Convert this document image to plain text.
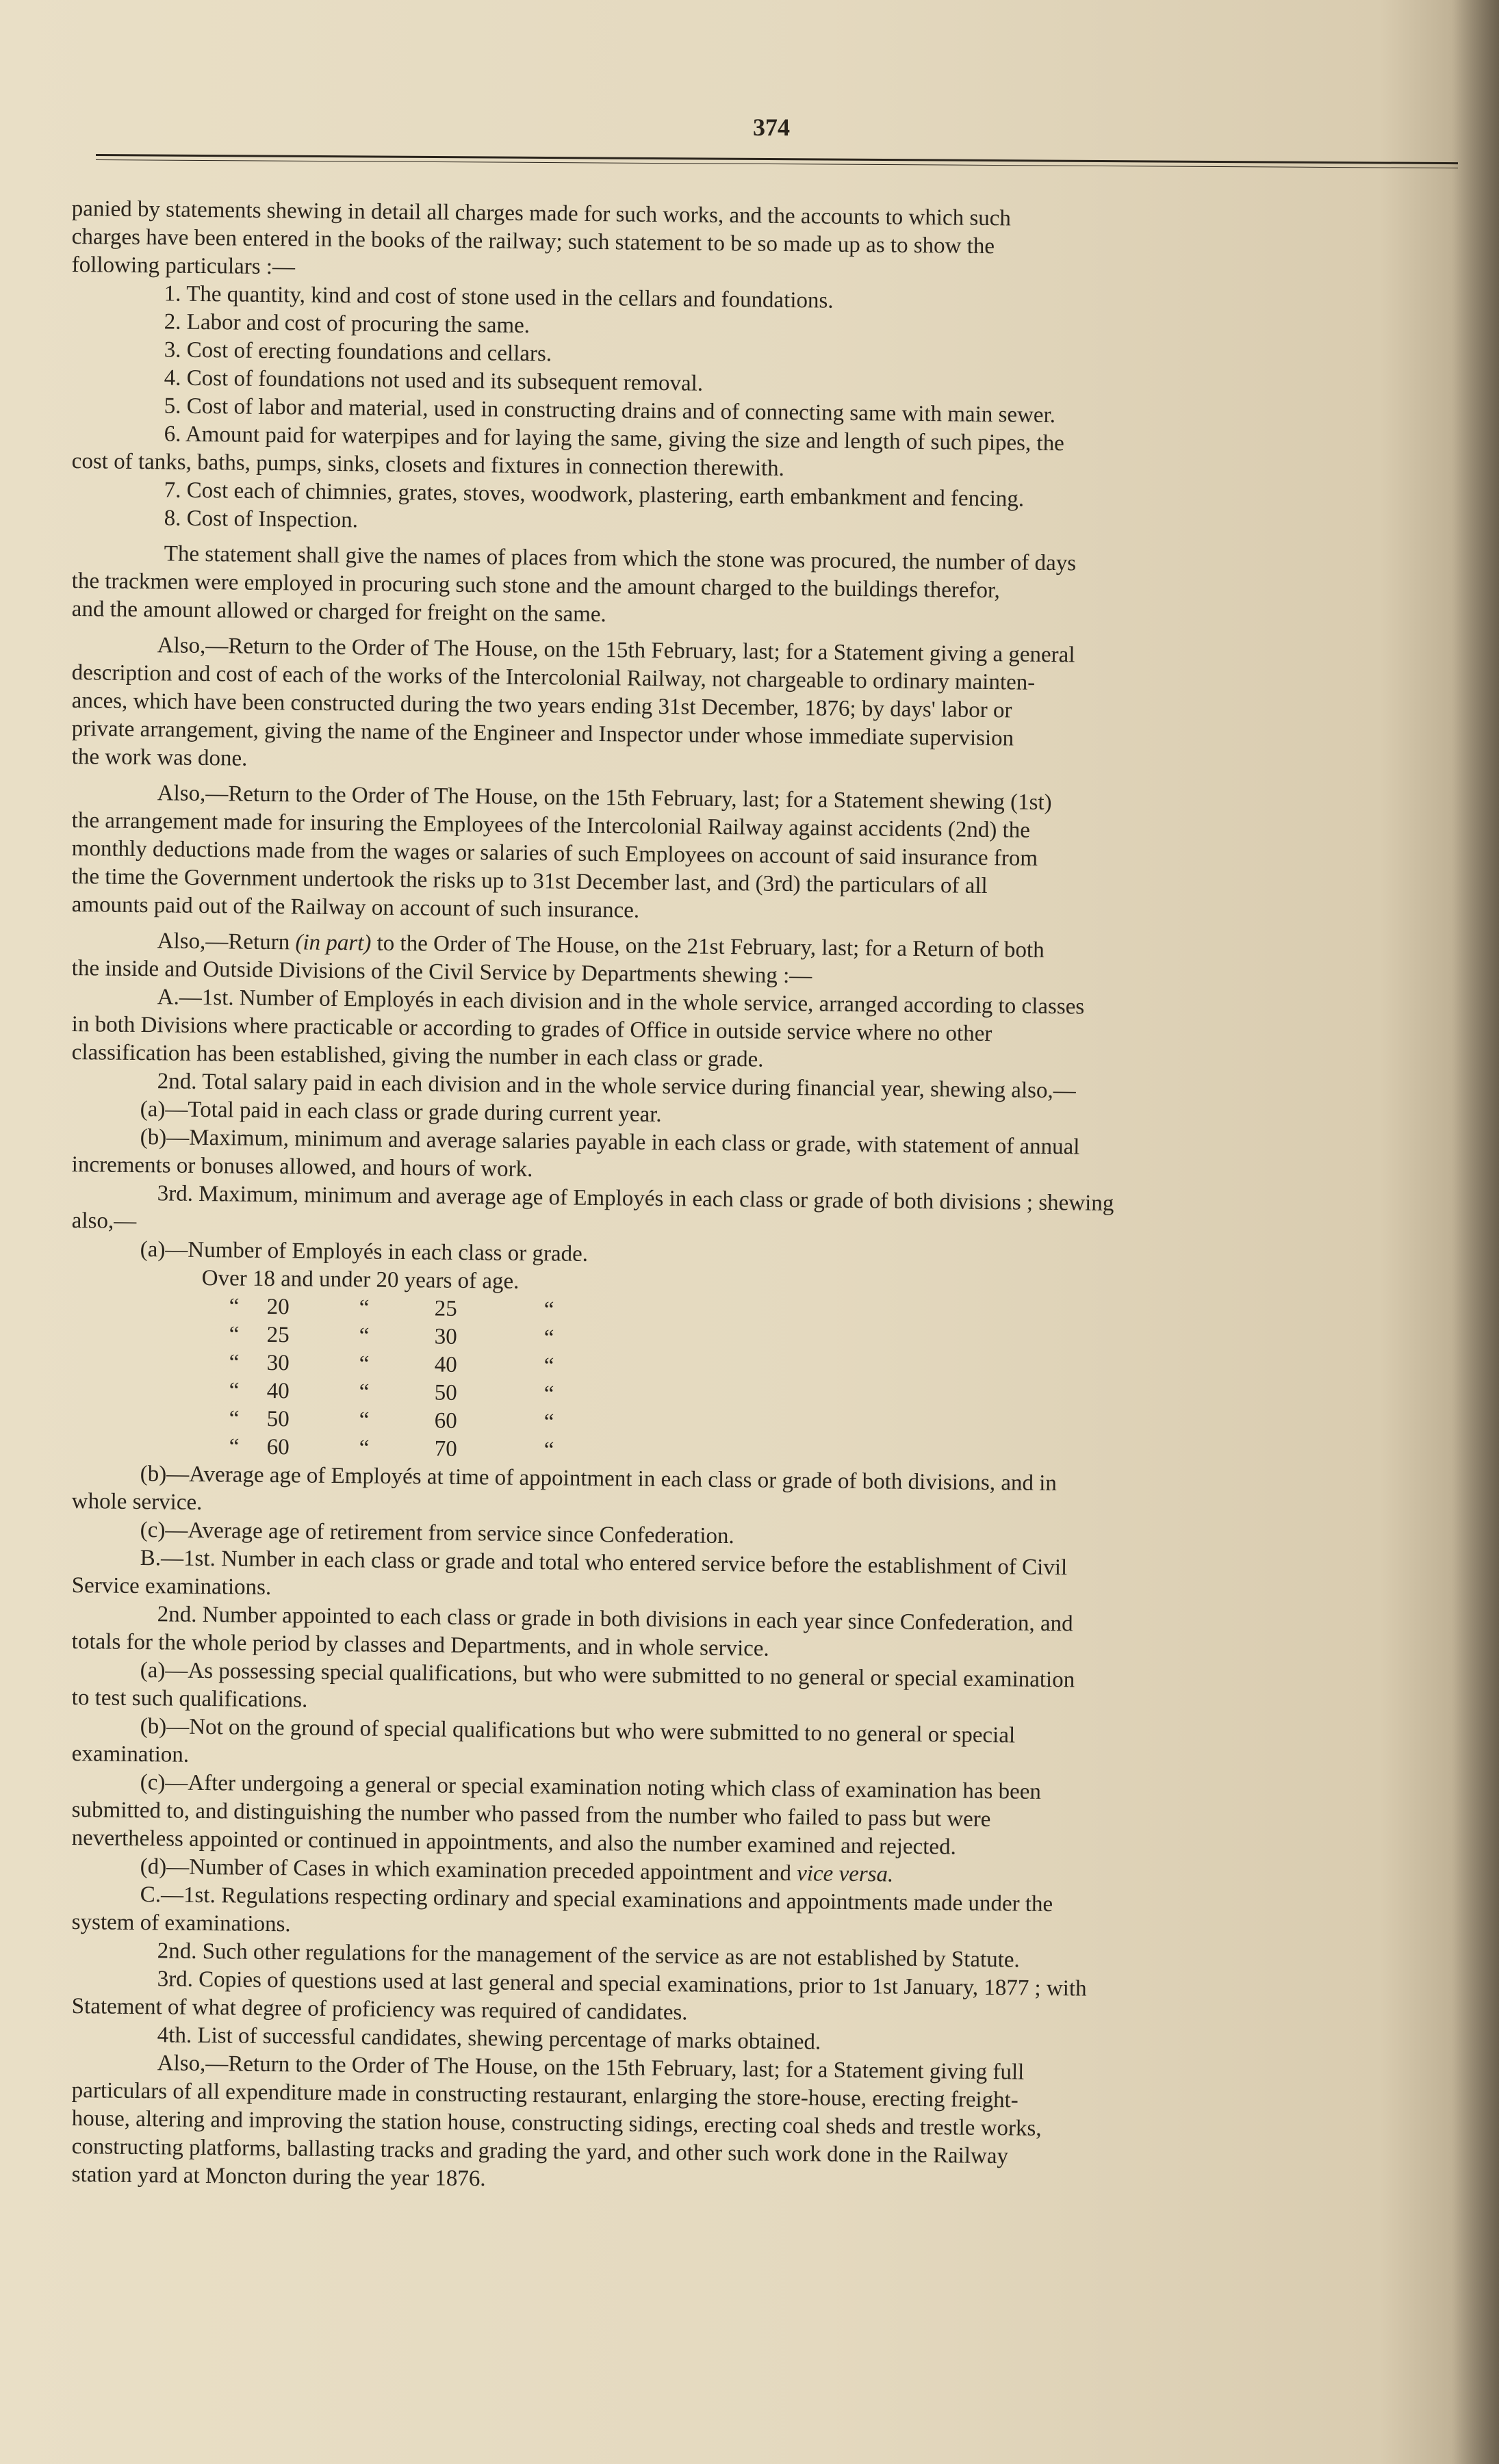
374

panied by statements shewing in detail all charges made for such works, and the accounts to which such

charges have been entered in the books of the railway; such statement to be so made up as to show the

following particulars :—

1. The quantity, kind and cost of stone used in the cellars and foundations.

2. Labor and cost of procuring the same.

3. Cost of erecting foundations and cellars.

4. Cost of foundations not used and its subsequent removal.

5. Cost of labor and material, used in constructing drains and of connecting same with main sewer.

6. Amount paid for waterpipes and for laying the same, giving the size and length of such pipes, the

cost of tanks, baths, pumps, sinks, closets and fixtures in connection therewith.

7. Cost each of chimnies, grates, stoves, woodwork, plastering, earth embankment and fencing.

8. Cost of Inspection.

The statement shall give the names of places from which the stone was procured, the number of days

the trackmen were employed in procuring such stone and the amount charged to the buildings therefor,

and the amount allowed or charged for freight on the same.

Also,—Return to the Order of The House, on the 15th February, last; for a Statement giving a general

description and cost of each of the works of the Intercolonial Railway, not chargeable to ordinary mainten-

ances, which have been constructed during the two years ending 31st December, 1876; by days' labor or

private arrangement, giving the name of the Engineer and Inspector under whose immediate supervision

the work was done.

Also,—Return to the Order of The House, on the 15th February, last; for a Statement shewing (1st)

the arrangement made for insuring the Employees of the Intercolonial Railway against accidents (2nd) the

monthly deductions made from the wages or salaries of such Employees on account of said insurance from

the time the Government undertook the risks up to 31st December last, and (3rd) the particulars of all

amounts paid out of the Railway on account of such insurance.

Also,—Return (in part) to the Order of The House, on the 21st February, last; for a Return of both

the inside and Outside Divisions of the Civil Service by Departments shewing :—

A.—1st. Number of Employés in each division and in the whole service, arranged according to classes

in both Divisions where practicable or according to grades of Office in outside service where no other

classification has been established, giving the number in each class or grade.

2nd. Total salary paid in each division and in the whole service during financial year, shewing also,—

(a)—Total paid in each class or grade during current year.

(b)—Maximum, minimum and average salaries payable in each class or grade, with statement of annual

increments or bonuses allowed, and hours of work.

3rd. Maximum, minimum and average age of Employés in each class or grade of both divisions ; shewing

also,—

(a)—Number of Employés in each class or grade.

Over 18 and under 20 years of age.

“ 20	“	25	“
“ 25	“	30	“
“ 30	“	40	“
“ 40	“	50	“
“ 50	“	60	“
“ 60	“	70	“

(b)—Average age of Employés at time of appointment in each class or grade of both divisions, and in

whole service.

(c)—Average age of retirement from service since Confederation.

B.—1st. Number in each class or grade and total who entered service before the establishment of Civil

Service examinations.

2nd. Number appointed to each class or grade in both divisions in each year since Confederation, and

totals for the whole period by classes and Departments, and in whole service.

(a)—As possessing special qualifications, but who were submitted to no general or special examination

to test such qualifications.

(b)—Not on the ground of special qualifications but who were submitted to no general or special

examination.

(c)—After undergoing a general or special examination noting which class of examination has been

submitted to, and distinguishing the number who passed from the number who failed to pass but were

nevertheless appointed or continued in appointments, and also the number examined and rejected.

(d)—Number of Cases in which examination preceded appointment and vice versa.

C.—1st. Regulations respecting ordinary and special examinations and appointments made under the

system of examinations.

2nd. Such other regulations for the management of the service as are not established by Statute.

3rd. Copies of questions used at last general and special examinations, prior to 1st January, 1877 ; with

Statement of what degree of proficiency was required of candidates.

4th. List of successful candidates, shewing percentage of marks obtained.

Also,—Return to the Order of The House, on the 15th February, last; for a Statement giving full

particulars of all expenditure made in constructing restaurant, enlarging the store-house, erecting freight-

house, altering and improving the station house, constructing sidings, erecting coal sheds and trestle works,

constructing platforms, ballasting tracks and grading the yard, and other such work done in the Railway

station yard at Moncton during the year 1876.
